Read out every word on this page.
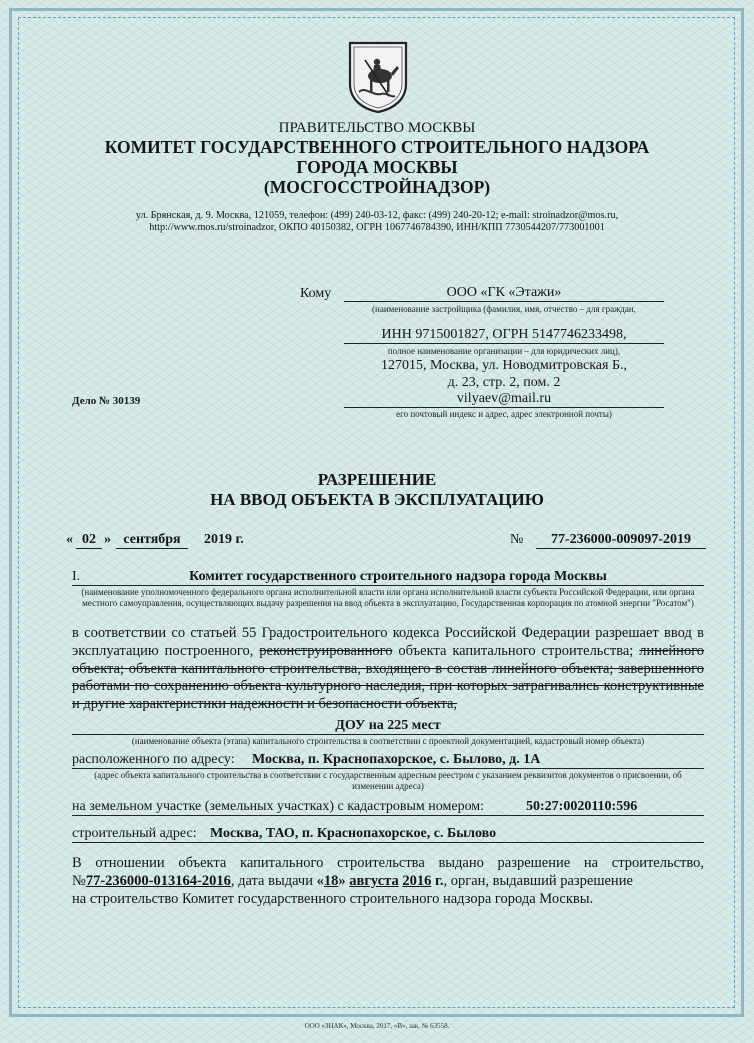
ПРАВИТЕЛЬСТВО МОСКВЫ
КОМИТЕТ ГОСУДАРСТВЕННОГО СТРОИТЕЛЬНОГО НАДЗОРА
ГОРОДА МОСКВЫ
(МОСГОССТРОЙНАДЗОР)
ул. Брянская, д. 9. Москва, 121059, телефон: (499) 240-03-12, факс: (499) 240-20-12; e-mail: stroinadzor@mos.ru,
http://www.mos.ru/stroinadzor, ОКПО 40150382, ОГРН 1067746784390, ИНН/КПП 7730544207/773001001
Кому	ООО «ГК «Этажи»
(наименование застройщика (фамилия, имя, отчество – для граждан,
ИНН 9715001827, ОГРН 5147746233498,
полное наименование организации – для юридических лиц),
127015, Москва, ул. Новодмитровская Б.,
д. 23, стр. 2, пом. 2
vilyaev@mail.ru
его почтовый индекс и адрес, адрес электронной почты)
Дело № 30139
РАЗРЕШЕНИЕ
НА ВВОД ОБЪЕКТА В ЭКСПЛУАТАЦИЮ
« 02 » сентября	2019 г.	№	77-236000-009097-2019
I.	Комитет государственного строительного надзора города Москвы
(наименование уполномоченного федерального органа исполнительной власти или органа исполнительной власти субъекта Российской Федерации, или органа местного самоуправления, осуществляющих выдачу разрешения на ввод объекта в эксплуатацию, Государственная корпорация по атомной энергии "Росатом")
в соответствии со статьей 55 Градостроительного кодекса Российской Федерации разрешает ввод в эксплуатацию построенного, реконструированного объекта капитального строительства; линейного объекта; объекта капитального строительства, входящего в состав линейного объекта; завершенного работами по сохранению объекта культурного наследия, при которых затрагивались конструктивные и другие характеристики надежности и безопасности объекта,
ДОУ на 225 мест
(наименование объекта (этапа) капитального строительства в соответствии с проектной документацией, кадастровый номер объекта)
расположенного по адресу: Москва, п. Краснопахорское, с. Былово, д. 1А
(адрес объекта капитального строительства в соответствии с государственным адресным реестром с указанием реквизитов документов о присвоении, об изменении адреса)
на земельном участке (земельных участках) с кадастровым номером:	50:27:0020110:596
строительный адрес: Москва, ТАО, п. Краснопахорское, с. Былово
В отношении объекта капитального строительства выдано разрешение на строительство,
№77-236000-013164-2016, дата выдачи «18» августа 2016 г., орган, выдавший разрешение
на строительство Комитет государственного строительного надзора города Москвы.
ООО «ЗНАК», Москва, 2017, «В», зак. № 63558.
